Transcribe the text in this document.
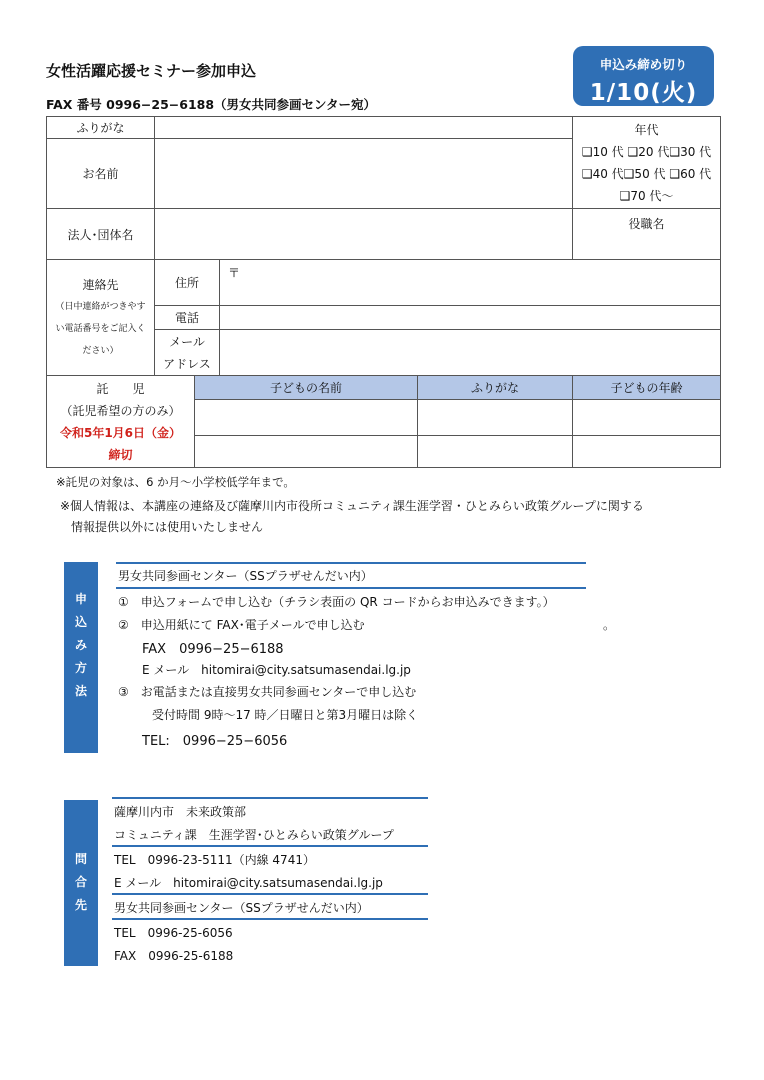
女性活躍応援セミナー参加申込
FAX 番号 0996−25−6188（男女共同参画センター宛）
申込み締め切り
1/10(火)
ふりがな					年代
❑10 代 ❑20 代❑30 代
❑40 代❑50 代 ❑60 代
❑70 代〜

お名前					
法人･団体名					役職名

連絡先
（日中連絡がつきやす
い電話番号をご記入く
ださい）	住所		〒		
	電話				

	メール
アドレス				

託　　児
（託児希望の方のみ）
令和5年1月6日（金）
締切		子どもの名前		ふりがな	子どもの年齢

※託児の対象は、6 か月〜小学校低学年まで。
※個人情報は、本講座の連絡及び薩摩川内市役所コミュニティ課生涯学習・ひとみらい政策グループに関する
情報提供以外には使用いたしません
申
込
み
方
法
男女共同参画センター（SSプラザせんだい内）
①　申込フォームで申し込む（チラシ表面の QR コードからお申込みできます。）
②　申込用紙にて FAX･電子メールで申し込む	。
FAX　0996−25−6188
E メール　hitomirai@city.satsumasendai.lg.jp
③　お電話または直接男女共同参画センターで申し込む
受付時間 9時〜17 時／日曜日と第3月曜日は除く
TEL:　0996−25−6056
問
合
先
薩摩川内市　未来政策部
コミュニティ課　生涯学習･ひとみらい政策グループ
TEL　0996-23-5111（内線 4741）
E メール　hitomirai@city.satsumasendai.lg.jp
男女共同参画センター（SSプラザせんだい内）
TEL　0996-25-6056
FAX　0996-25-6188
